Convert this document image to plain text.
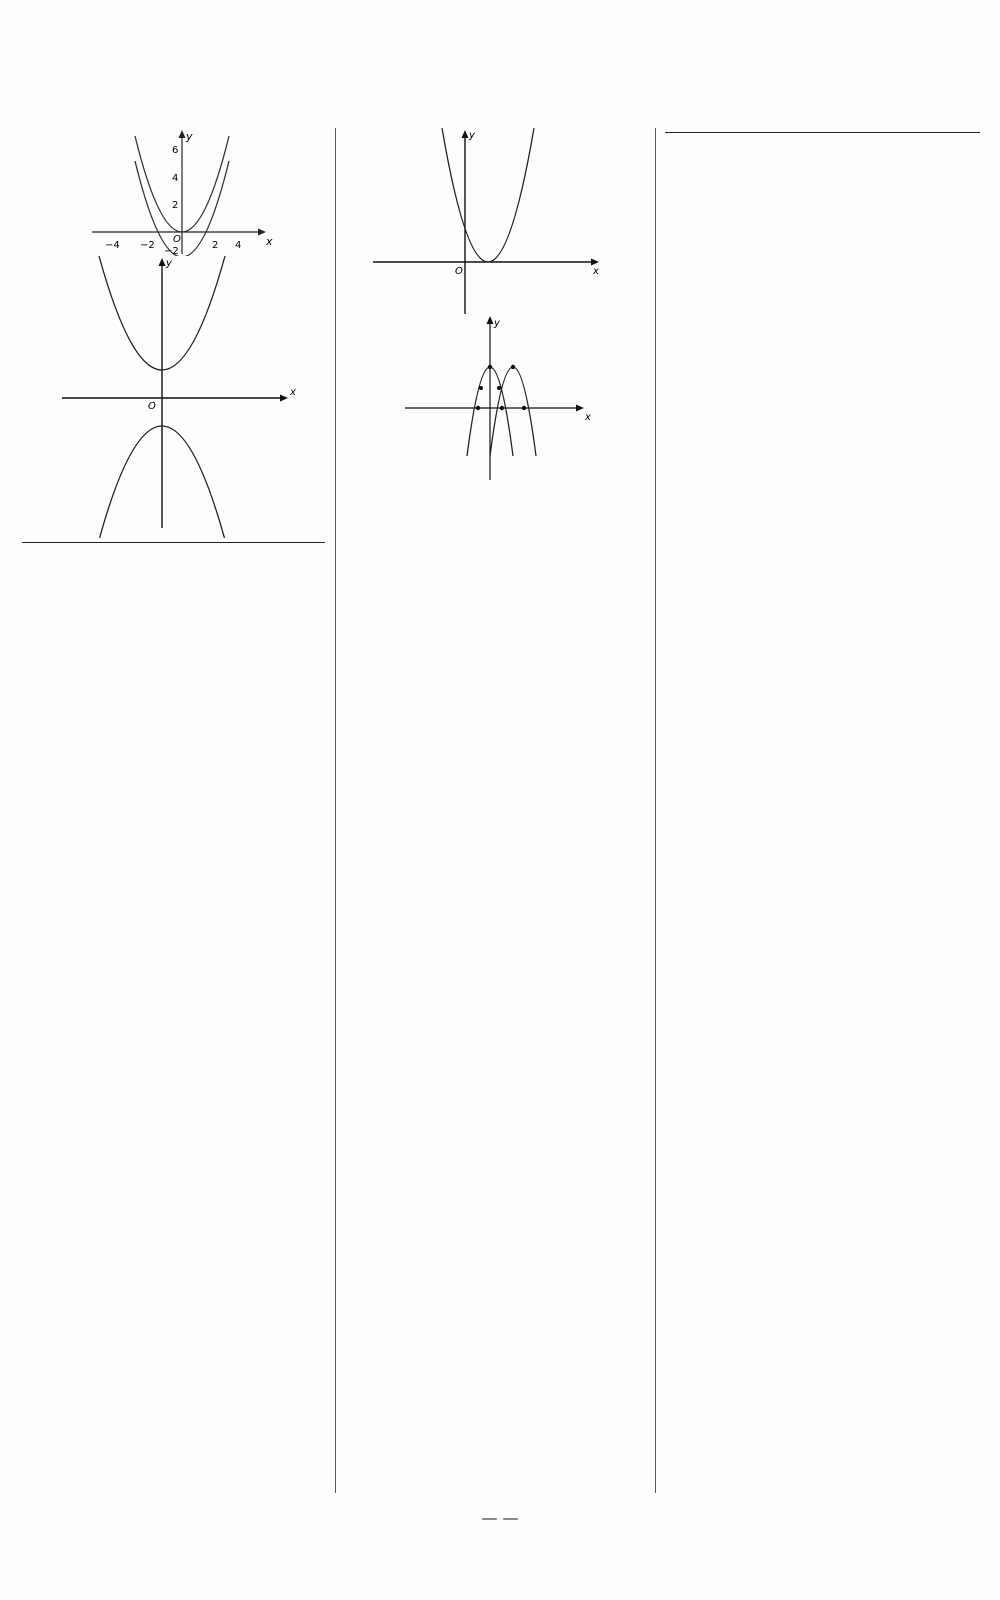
−4 −2	2 4
6
4
2
−2
O
y
x
y
x
O
y
x
O
y
x
— —
